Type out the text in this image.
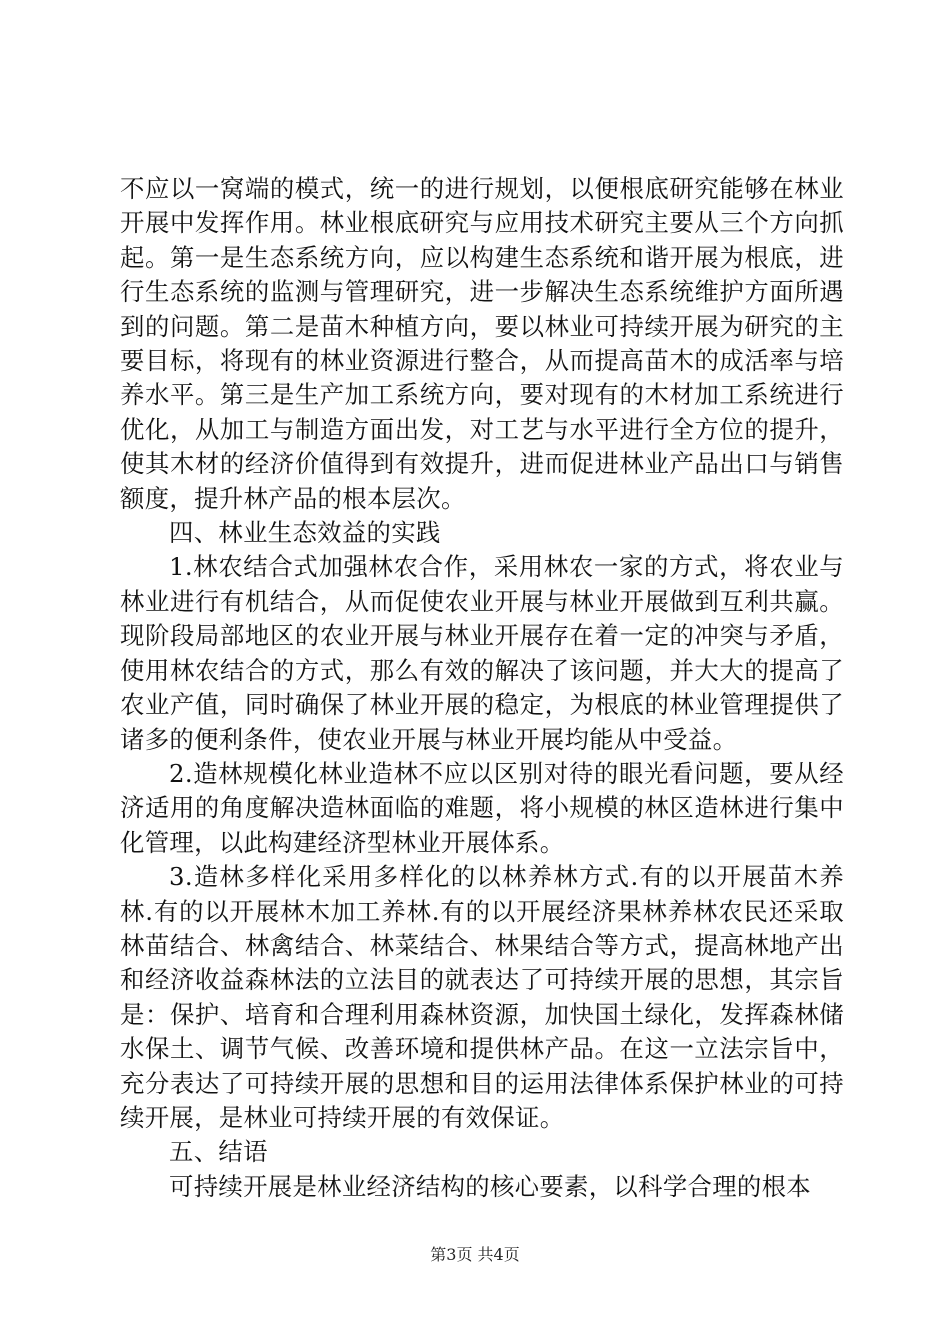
不应以一窝端的模式，统一的进行规划，以便根底研究能够在林业开展中发挥作用。林业根底研究与应用技术研究主要从三个方向抓起。第一是生态系统方向，应以构建生态系统和谐开展为根底，进行生态系统的监测与管理研究，进一步解决生态系统维护方面所遇到的问题。第二是苗木种植方向，要以林业可持续开展为研究的主要目标，将现有的林业资源进行整合，从而提高苗木的成活率与培养水平。第三是生产加工系统方向，要对现有的木材加工系统进行优化，从加工与制造方面出发，对工艺与水平进行全方位的提升，使其木材的经济价值得到有效提升，进而促进林业产品出口与销售额度，提升林产品的根本层次。

四、林业生态效益的实践

1.林农结合式加强林农合作，采用林农一家的方式，将农业与林业进行有机结合，从而促使农业开展与林业开展做到互利共赢。现阶段局部地区的农业开展与林业开展存在着一定的冲突与矛盾，使用林农结合的方式，那么有效的解决了该问题，并大大的提高了农业产值，同时确保了林业开展的稳定，为根底的林业管理提供了诸多的便利条件，使农业开展与林业开展均能从中受益。

2.造林规模化林业造林不应以区别对待的眼光看问题，要从经济适用的角度解决造林面临的难题，将小规模的林区造林进行集中化管理，以此构建经济型林业开展体系。

3.造林多样化采用多样化的以林养林方式.有的以开展苗木养林.有的以开展林木加工养林.有的以开展经济果林养林农民还采取林苗结合、林禽结合、林菜结合、林果结合等方式，提高林地产出和经济收益森林法的立法目的就表达了可持续开展的思想，其宗旨是：保护、培育和合理利用森林资源，加快国土绿化，发挥森林储水保土、调节气候、改善环境和提供林产品。在这一立法宗旨中，充分表达了可持续开展的思想和目的运用法律体系保护林业的可持续开展，是林业可持续开展的有效保证。

五、结语

可持续开展是林业经济结构的核心要素，以科学合理的根本

第3页 共4页
